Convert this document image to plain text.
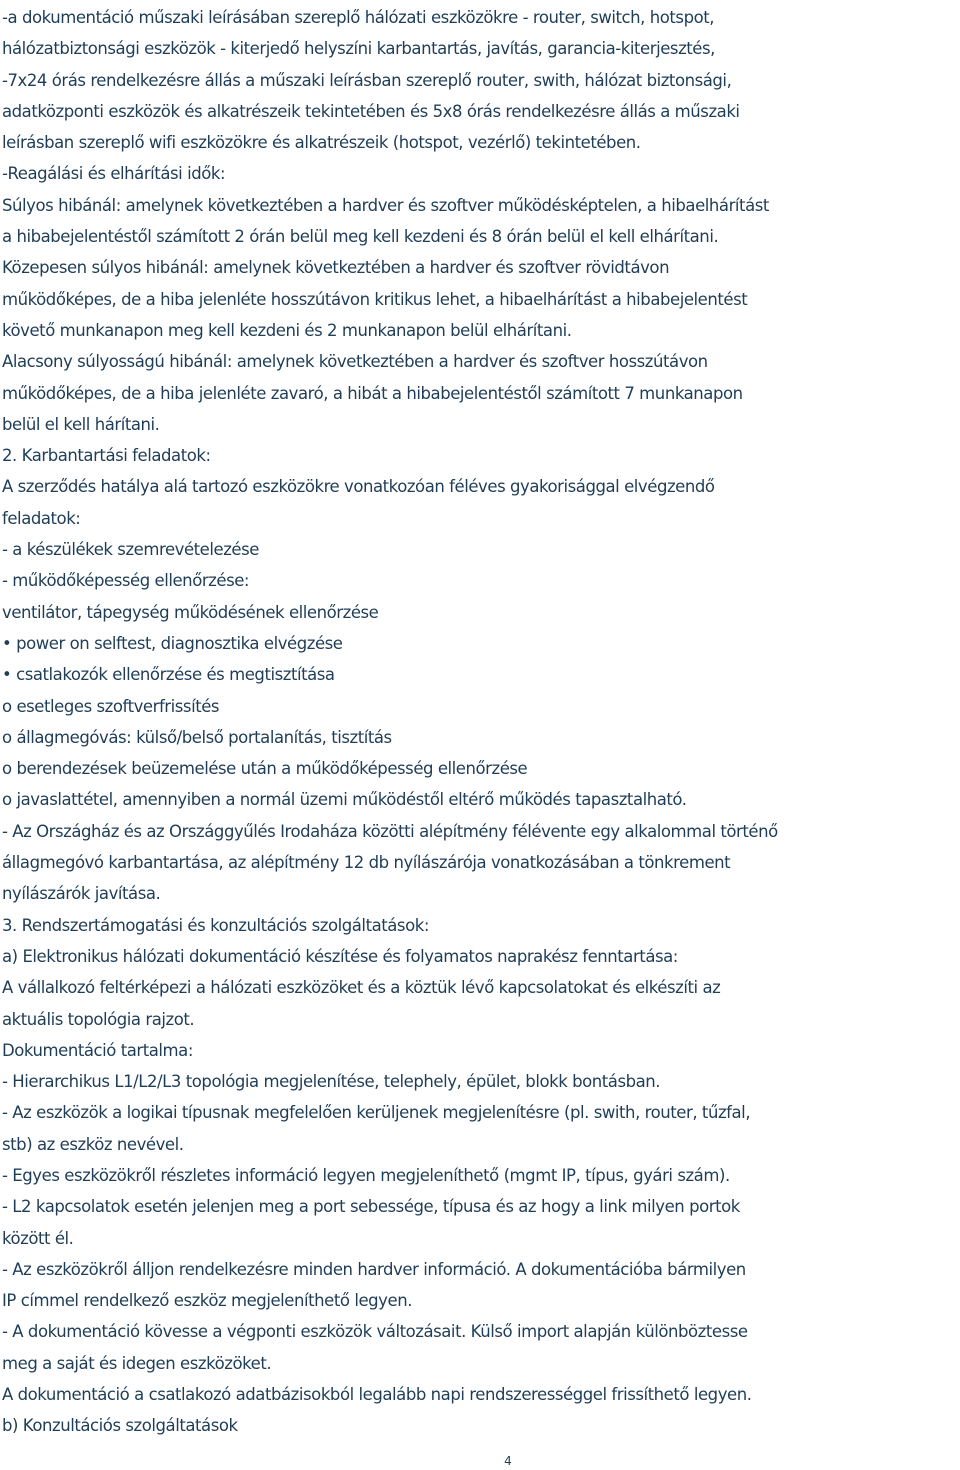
-a dokumentáció műszaki leírásában szereplő hálózati eszközökre - router, switch, hotspot,
hálózatbiztonsági eszközök - kiterjedő helyszíni karbantartás, javítás, garancia-kiterjesztés,
-7x24 órás rendelkezésre állás a műszaki leírásban szereplő router, swith, hálózat biztonsági,
adatközponti eszközök és alkatrészeik tekintetében és 5x8 órás rendelkezésre állás a műszaki
leírásban szereplő wifi eszközökre és alkatrészeik (hotspot, vezérlő) tekintetében.
-Reagálási és elhárítási idők:
Súlyos hibánál: amelynek következtében a hardver és szoftver működésképtelen, a hibaelhárítást
a hibabejelentéstől számított 2 órán belül meg kell kezdeni és 8 órán belül el kell elhárítani.
Közepesen súlyos hibánál: amelynek következtében a hardver és szoftver rövidtávon
működőképes, de a hiba jelenléte hosszútávon kritikus lehet, a hibaelhárítást a hibabejelentést
követő munkanapon meg kell kezdeni és 2 munkanapon belül elhárítani.
Alacsony súlyosságú hibánál: amelynek következtében a hardver és szoftver hosszútávon
működőképes, de a hiba jelenléte zavaró, a hibát a hibabejelentéstől számított 7 munkanapon
belül el kell hárítani.
2. Karbantartási feladatok:
A szerződés hatálya alá tartozó eszközökre vonatkozóan féléves gyakorisággal elvégzendő
feladatok:
- a készülékek szemrevételezése
- működőképesség ellenőrzése:
ventilátor, tápegység működésének ellenőrzése
• power on selftest, diagnosztika elvégzése
• csatlakozók ellenőrzése és megtisztítása
o esetleges szoftverfrissítés
o állagmegóvás: külső/belső portalanítás, tisztítás
o berendezések beüzemelése után a működőképesség ellenőrzése
o javaslattétel, amennyiben a normál üzemi működéstől eltérő működés tapasztalható.
- Az Országház és az Országgyűlés Irodaháza közötti alépítmény félévente egy alkalommal történő
állagmegóvó karbantartása, az alépítmény 12 db nyílászárója vonatkozásában a tönkrement
nyílászárók javítása.
3. Rendszertámogatási és konzultációs szolgáltatások:
a) Elektronikus hálózati dokumentáció készítése és folyamatos naprakész fenntartása:
A vállalkozó feltérképezi a hálózati eszközöket és a köztük lévő kapcsolatokat és elkészíti az
aktuális topológia rajzot.
Dokumentáció tartalma:
- Hierarchikus L1/L2/L3 topológia megjelenítése, telephely, épület, blokk bontásban.
- Az eszközök a logikai típusnak megfelelően kerüljenek megjelenítésre (pl. swith, router, tűzfal,
stb) az eszköz nevével.
- Egyes eszközökről részletes információ legyen megjeleníthető (mgmt IP, típus, gyári szám).
- L2 kapcsolatok esetén jelenjen meg a port sebessége, típusa és az hogy a link milyen portok
között él.
- Az eszközökről álljon rendelkezésre minden hardver információ. A dokumentációba bármilyen
IP címmel rendelkező eszköz megjeleníthető legyen.
- A dokumentáció kövesse a végponti eszközök változásait. Külső import alapján különböztesse
meg a saját és idegen eszközöket.
A dokumentáció a csatlakozó adatbázisokból legalább napi rendszerességgel frissíthető legyen.
b) Konzultációs szolgáltatások
4
